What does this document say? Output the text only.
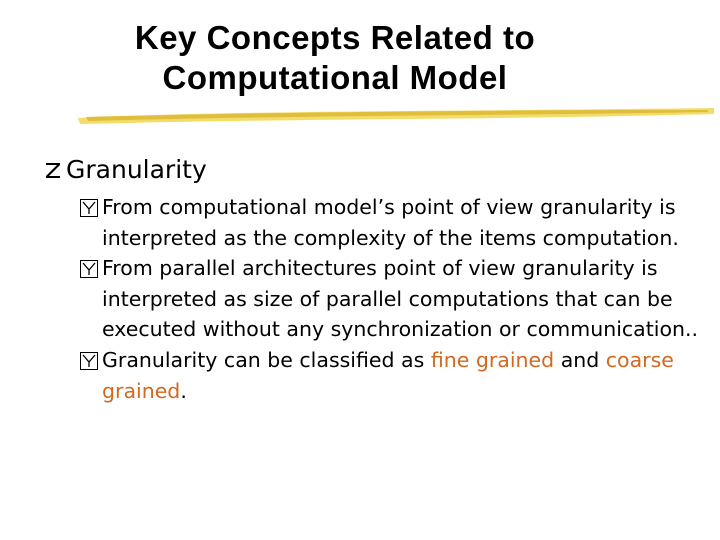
Key Concepts Related to
Computational Model
Granularity
From computational model’s point of view granularity is interpreted as the complexity of the items computation.
From parallel architectures point of view granularity is interpreted as size of parallel computations that can be executed without any synchronization or communication..
Granularity can be classified as fine grained and coarse grained.
